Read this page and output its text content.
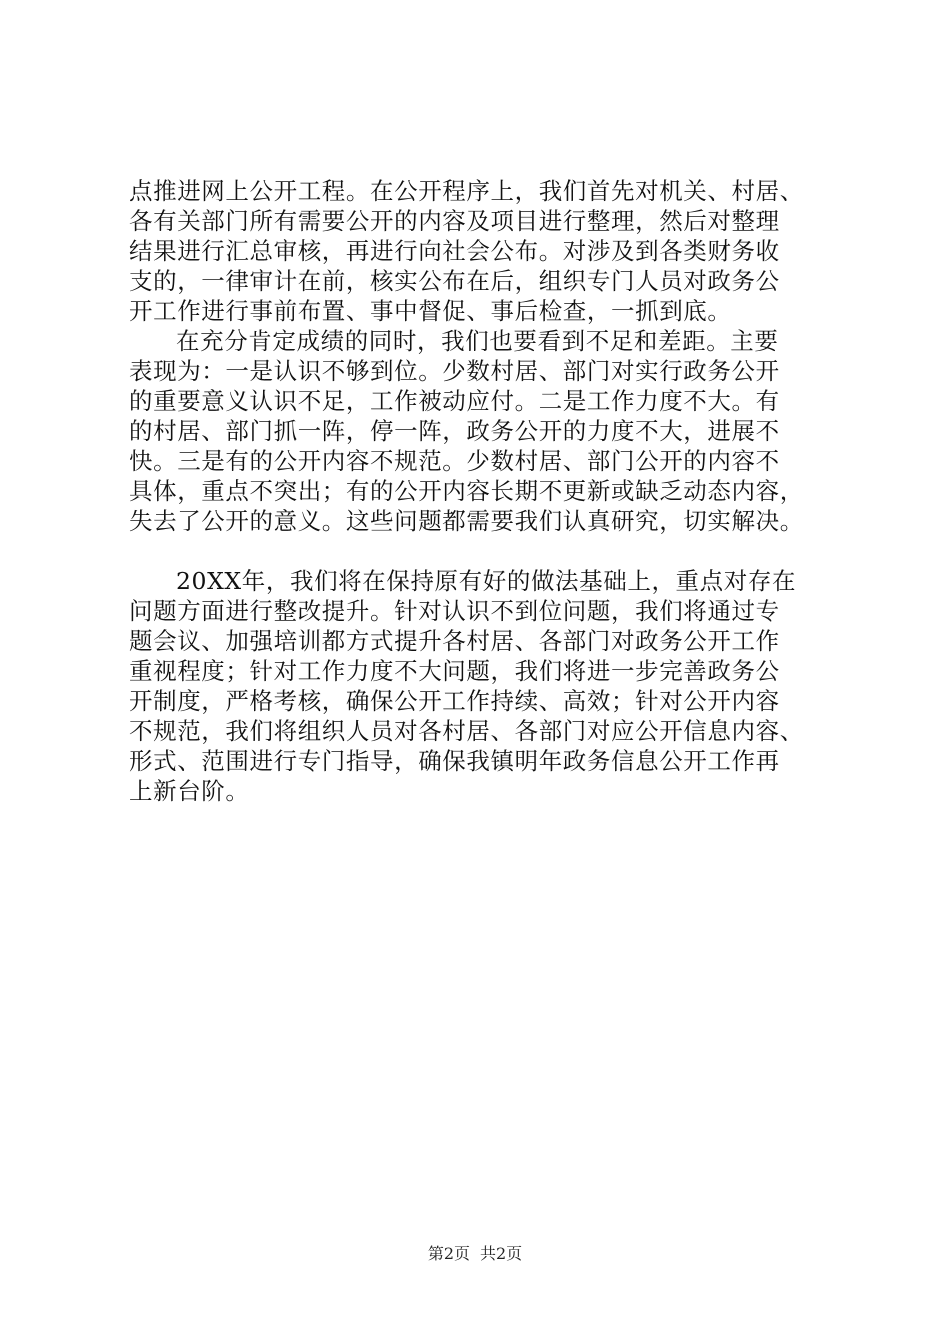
点推进网上公开工程。在公开程序上，我们首先对机关、村居、
各有关部门所有需要公开的内容及项目进行整理，然后对整理
结果进行汇总审核，再进行向社会公布。对涉及到各类财务收
支的，一律审计在前，核实公布在后，组织专门人员对政务公
开工作进行事前布置、事中督促、事后检查，一抓到底。
在充分肯定成绩的同时，我们也要看到不足和差距。主要
表现为：一是认识不够到位。少数村居、部门对实行政务公开
的重要意义认识不足，工作被动应付。二是工作力度不大。有
的村居、部门抓一阵，停一阵，政务公开的力度不大，进展不
快。三是有的公开内容不规范。少数村居、部门公开的内容不
具体，重点不突出；有的公开内容长期不更新或缺乏动态内容，
失去了公开的意义。这些问题都需要我们认真研究，切实解决。
20XX年，我们将在保持原有好的做法基础上，重点对存在
问题方面进行整改提升。针对认识不到位问题，我们将通过专
题会议、加强培训都方式提升各村居、各部门对政务公开工作
重视程度；针对工作力度不大问题，我们将进一步完善政务公
开制度，严格考核，确保公开工作持续、高效；针对公开内容
不规范，我们将组织人员对各村居、各部门对应公开信息内容、
形式、范围进行专门指导，确保我镇明年政务信息公开工作再
上新台阶。
第2页 共2页
